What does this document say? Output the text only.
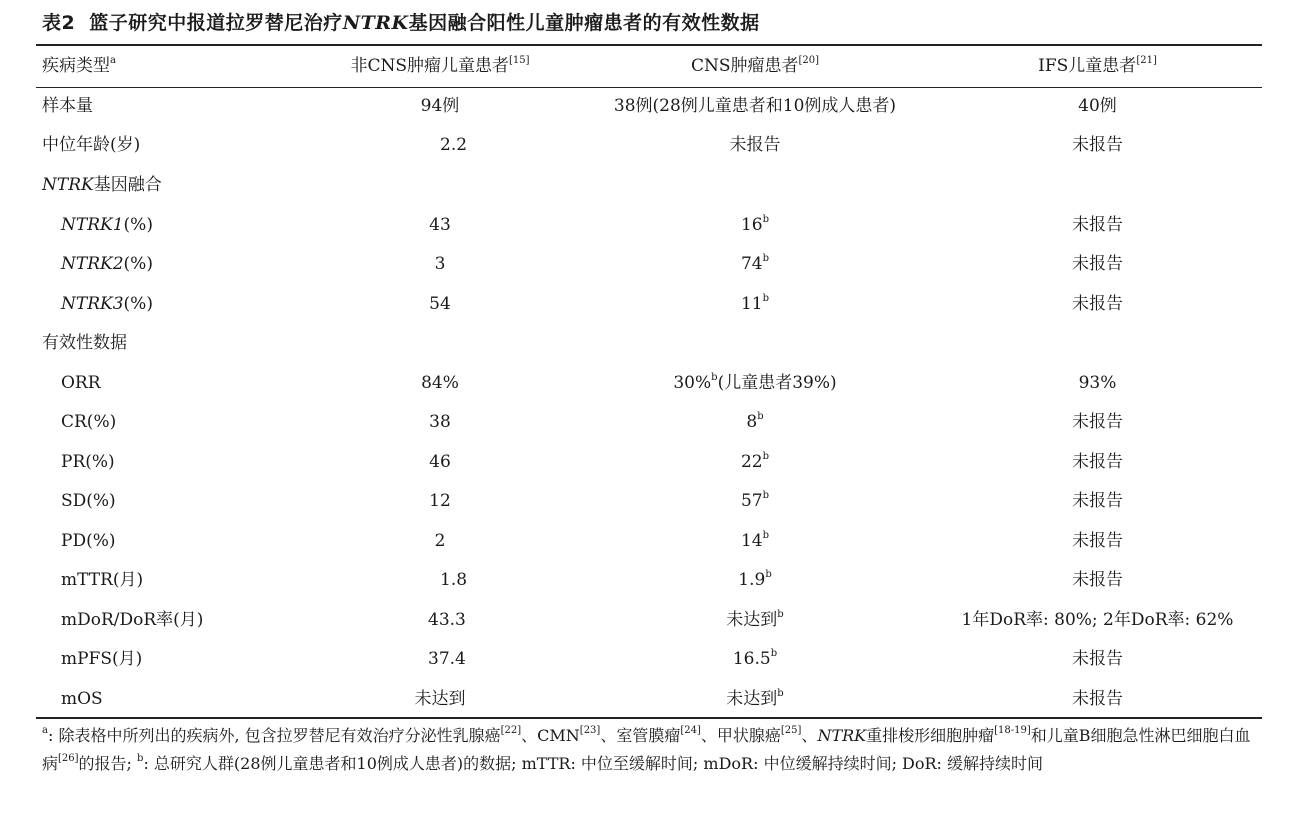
表2 篮子研究中报道拉罗替尼治疗NTRK基因融合阳性儿童肿瘤患者的有效性数据
疾病类型$^a$	非CNS肿瘤儿童患者[15]	CNS肿瘤患者[20]	IFS儿童患者[21]
样本量	94例	38例(28例儿童患者和10例成人患者)	40例
中位年龄(岁)	2.2	未报告	未报告
NTRK基因融合
NTRK1(%)	43	16$^b$	未报告
NTRK2(%)	3	74$^b$	未报告
NTRK3(%)	54	11$^b$	未报告
有效性数据
ORR	84%	30%$^b$(儿童患者39%)	93%
CR(%)	38	8$^b$	未报告
PR(%)	46	22$^b$	未报告
SD(%)	12	57$^b$	未报告
PD(%)	2	14$^b$	未报告
mTTR(月)	1.8	1.9$^b$	未报告
mDoR/DoR率(月)	43.3	未达到$^b$	1年DoR率: 80%; 2年DoR率: 62%
mPFS(月)	37.4	16.5$^b$	未报告
mOS	未达到	未达到$^b$	未报告
$^a$: 除表格中所列出的疾病外, 包含拉罗替尼有效治疗分泌性乳腺癌[22]、CMN[23]、室管膜瘤[24]、甲状腺癌[25]、NTRK重排梭形细胞肿瘤[18-19]和儿童B细胞急性淋巴细胞白血病[26]的报告; $^b$: 总研究人群(28例儿童患者和10例成人患者)的数据; mTTR: 中位至缓解时间; mDoR: 中位缓解持续时间; DoR: 缓解持续时间
